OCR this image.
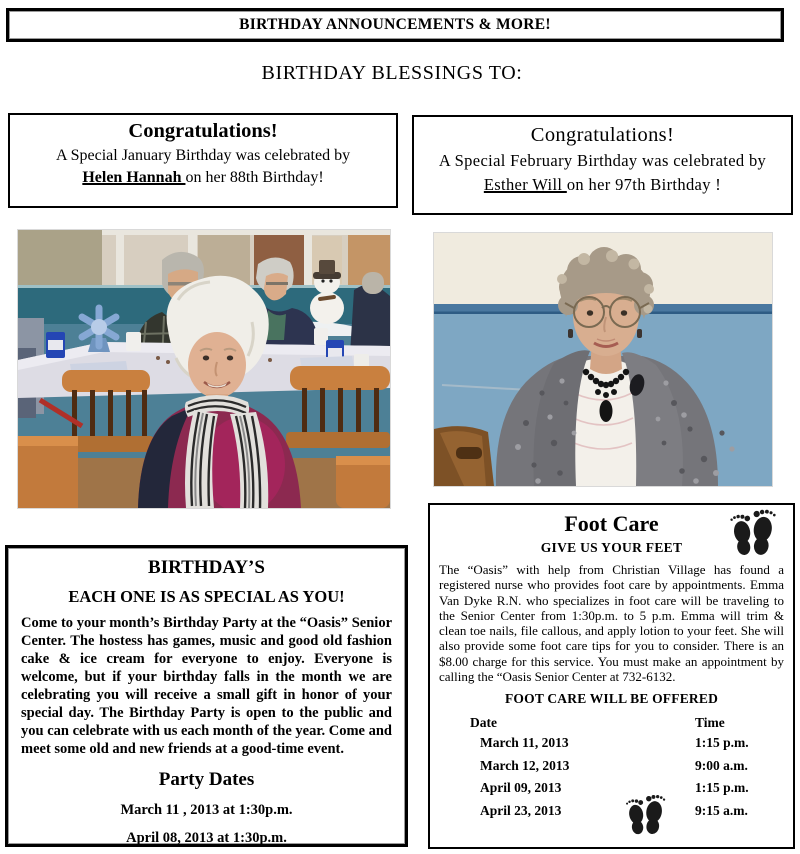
BIRTHDAY ANNOUNCEMENTS & MORE!
BIRTHDAY BLESSINGS TO:
Congratulations!

A Special January Birthday was celebrated by

Helen Hannah on her 88th Birthday!

Congratulations!

A Special February Birthday was celebrated by

Esther Will on her 97th Birthday !

BIRTHDAY’S
EACH ONE IS AS SPECIAL AS YOU!

Come to your month’s Birthday Party at the “Oasis” Senior Center. The hostess has games, music and good old fashion cake & ice cream for everyone to enjoy. Everyone is welcome, but if your birthday falls in the month we are celebrating you will receive a small gift in honor of your special day. The Birthday Party is open to the public and you can celebrate with us each month of the year. Come and meet some old and new friends at a good-time event.

Party Dates

March 11 , 2013 at 1:30p.m.

April 08, 2013 at 1:30p.m.

Foot Care
GIVE US YOUR FEET

The “Oasis” with help from Christian Village has found a registered nurse who provides foot care by appointments. Emma Van Dyke R.N. who specializes in foot care will be traveling to the Senior Center from 1:30p.m. to 5 p.m. Emma will trim & clean toe nails, file callous, and apply lotion to your feet. She will also provide some foot care tips for you to consider. There is an $8.00 charge for this service. You must make an appointment by calling the “Oasis Senior Center at 732-6132.

FOOT CARE WILL BE OFFERED
Date	Time
March 11, 2013	1:15 p.m.
March 12, 2013	9:00 a.m.
April 09, 2013	1:15 p.m.
April 23, 2013	9:15 a.m.
